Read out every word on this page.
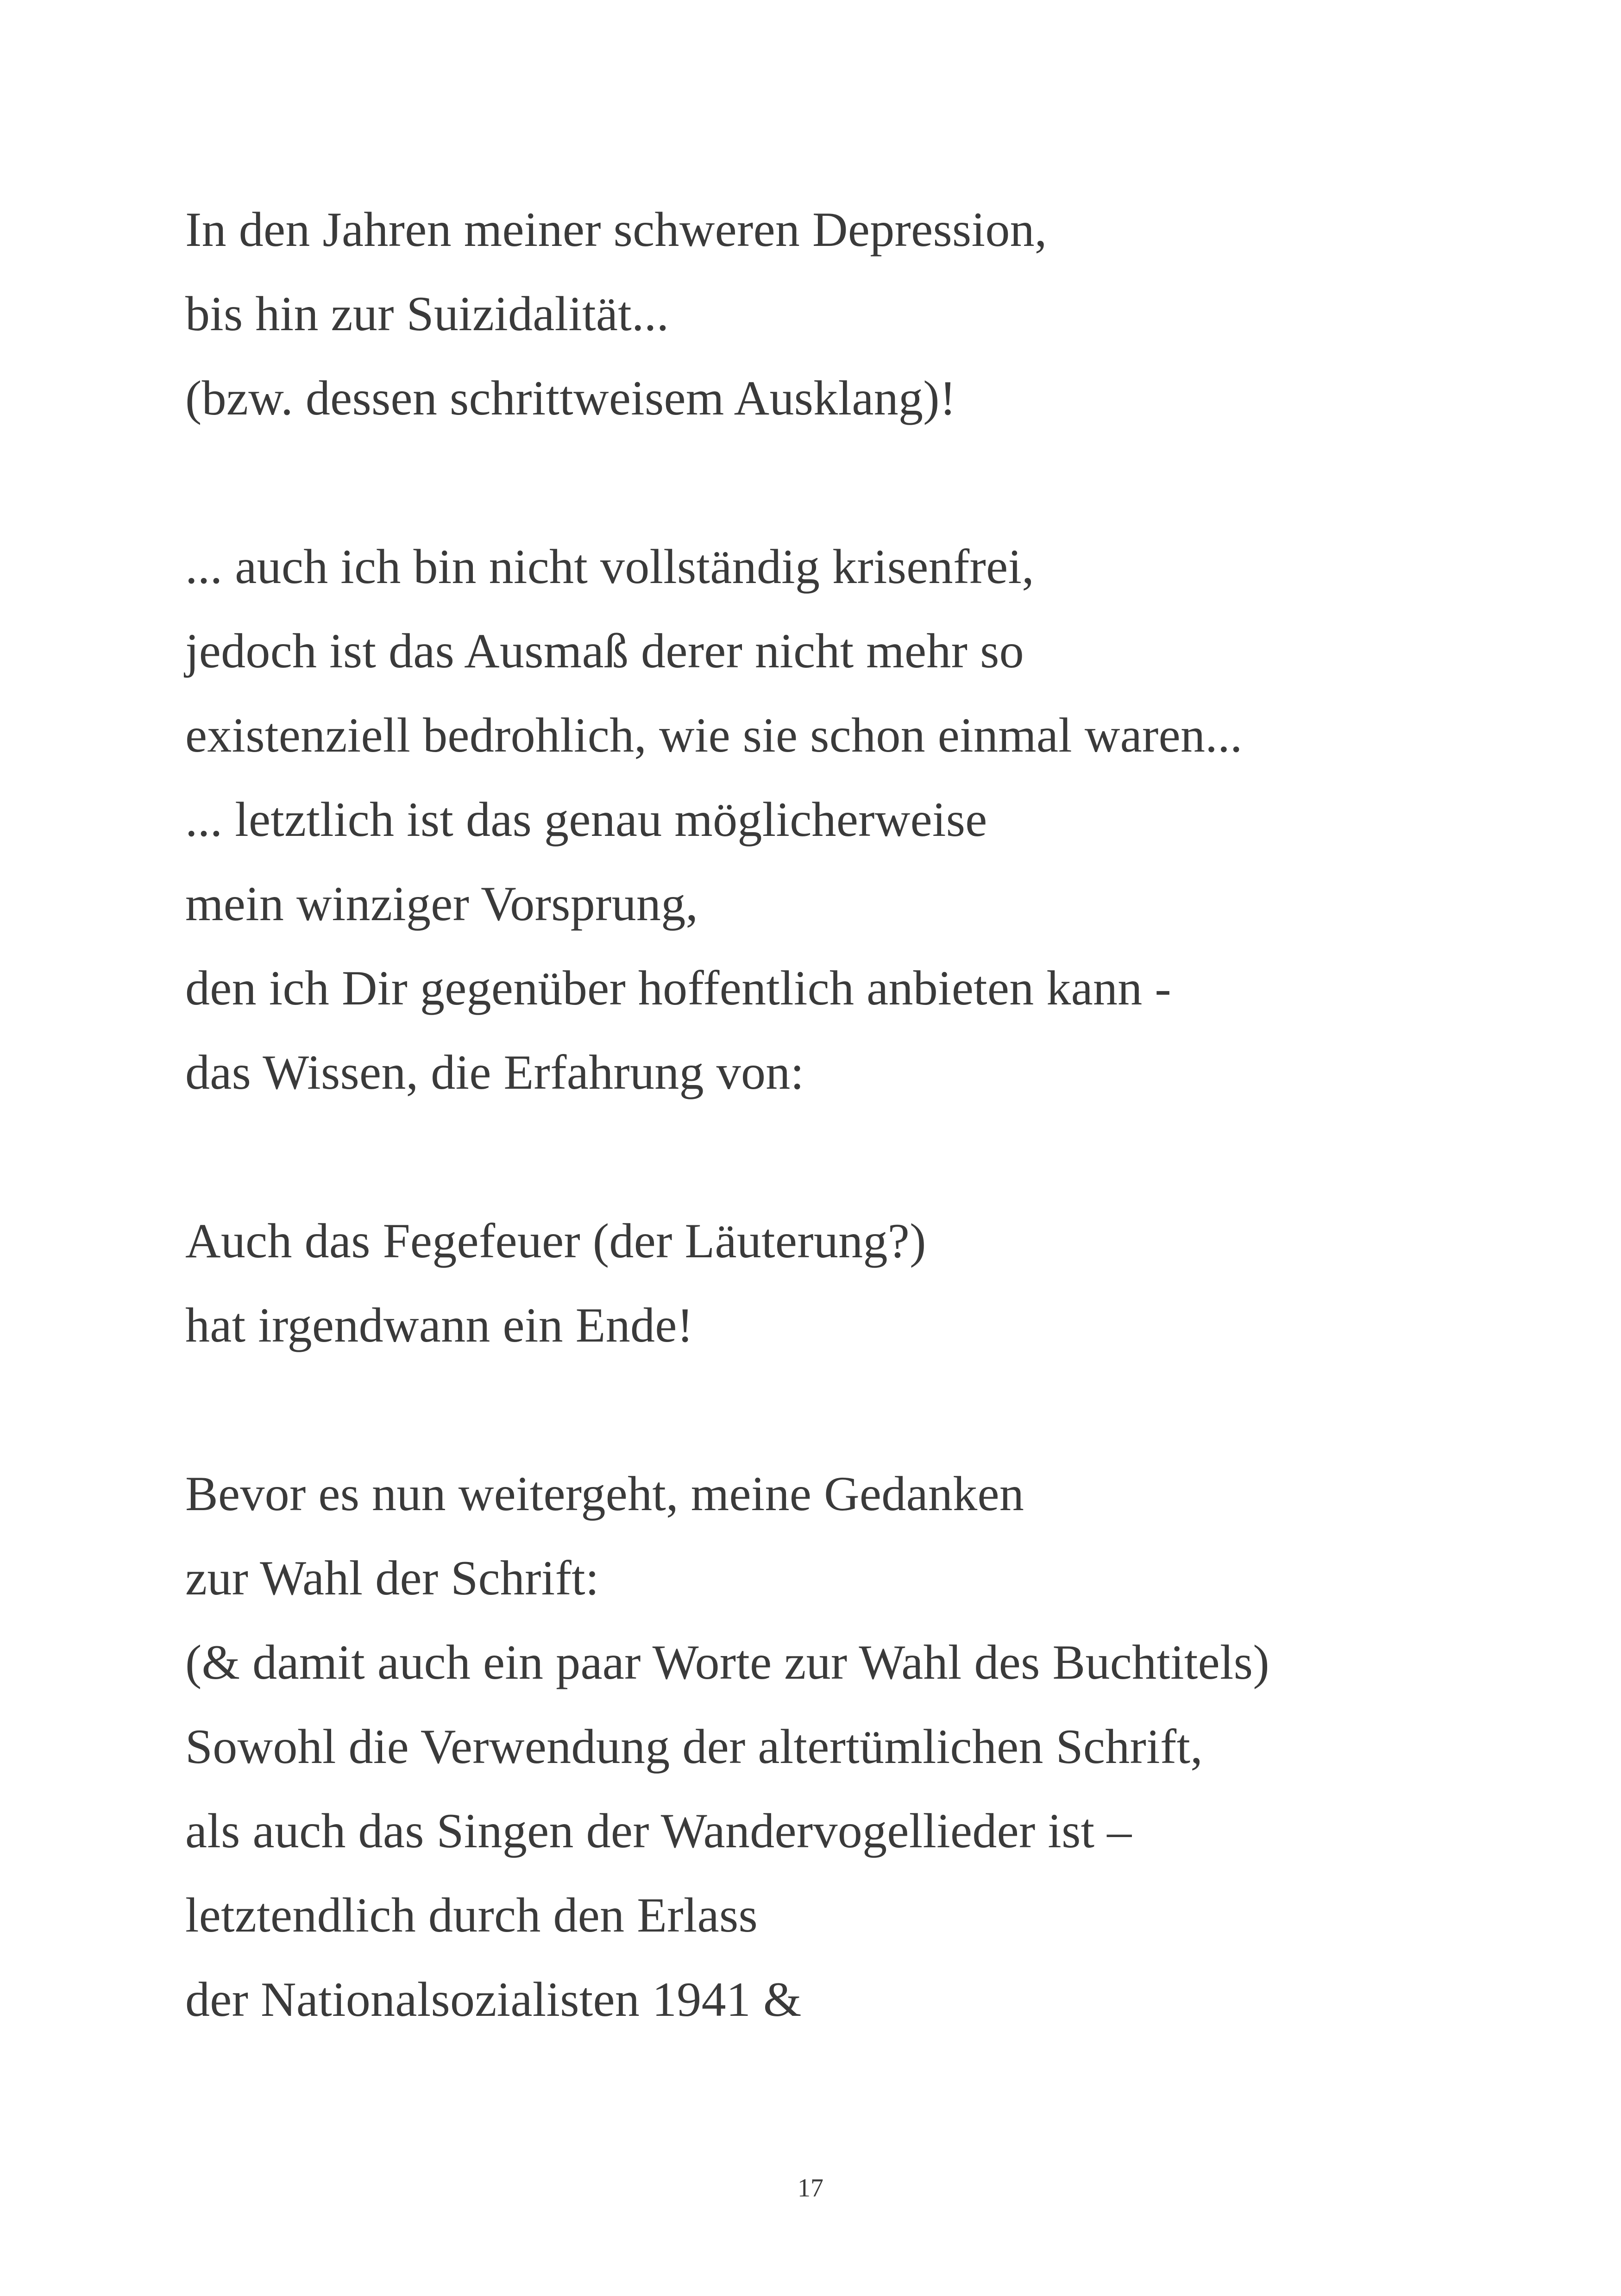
In den Jahren meiner schweren Depression,
bis hin zur Suizidalität...
(bzw. dessen schrittweisem Ausklang)!
... auch ich bin nicht vollständig krisenfrei,
jedoch ist das Ausmaß derer nicht mehr so
existenziell bedrohlich, wie sie schon einmal waren...
... letztlich ist das genau möglicherweise
mein winziger Vorsprung,
den ich Dir gegenüber hoffentlich anbieten kann -
das Wissen, die Erfahrung von:
Auch das Fegefeuer (der Läuterung?)
hat irgendwann ein Ende!
Bevor es nun weitergeht, meine Gedanken
zur Wahl der Schrift:
(& damit auch ein paar Worte zur Wahl des Buchtitels)
Sowohl die Verwendung der altertümlichen Schrift,
als auch das Singen der Wandervogellieder ist –
letztendlich durch den Erlass
der Nationalsozialisten 1941 &
17
